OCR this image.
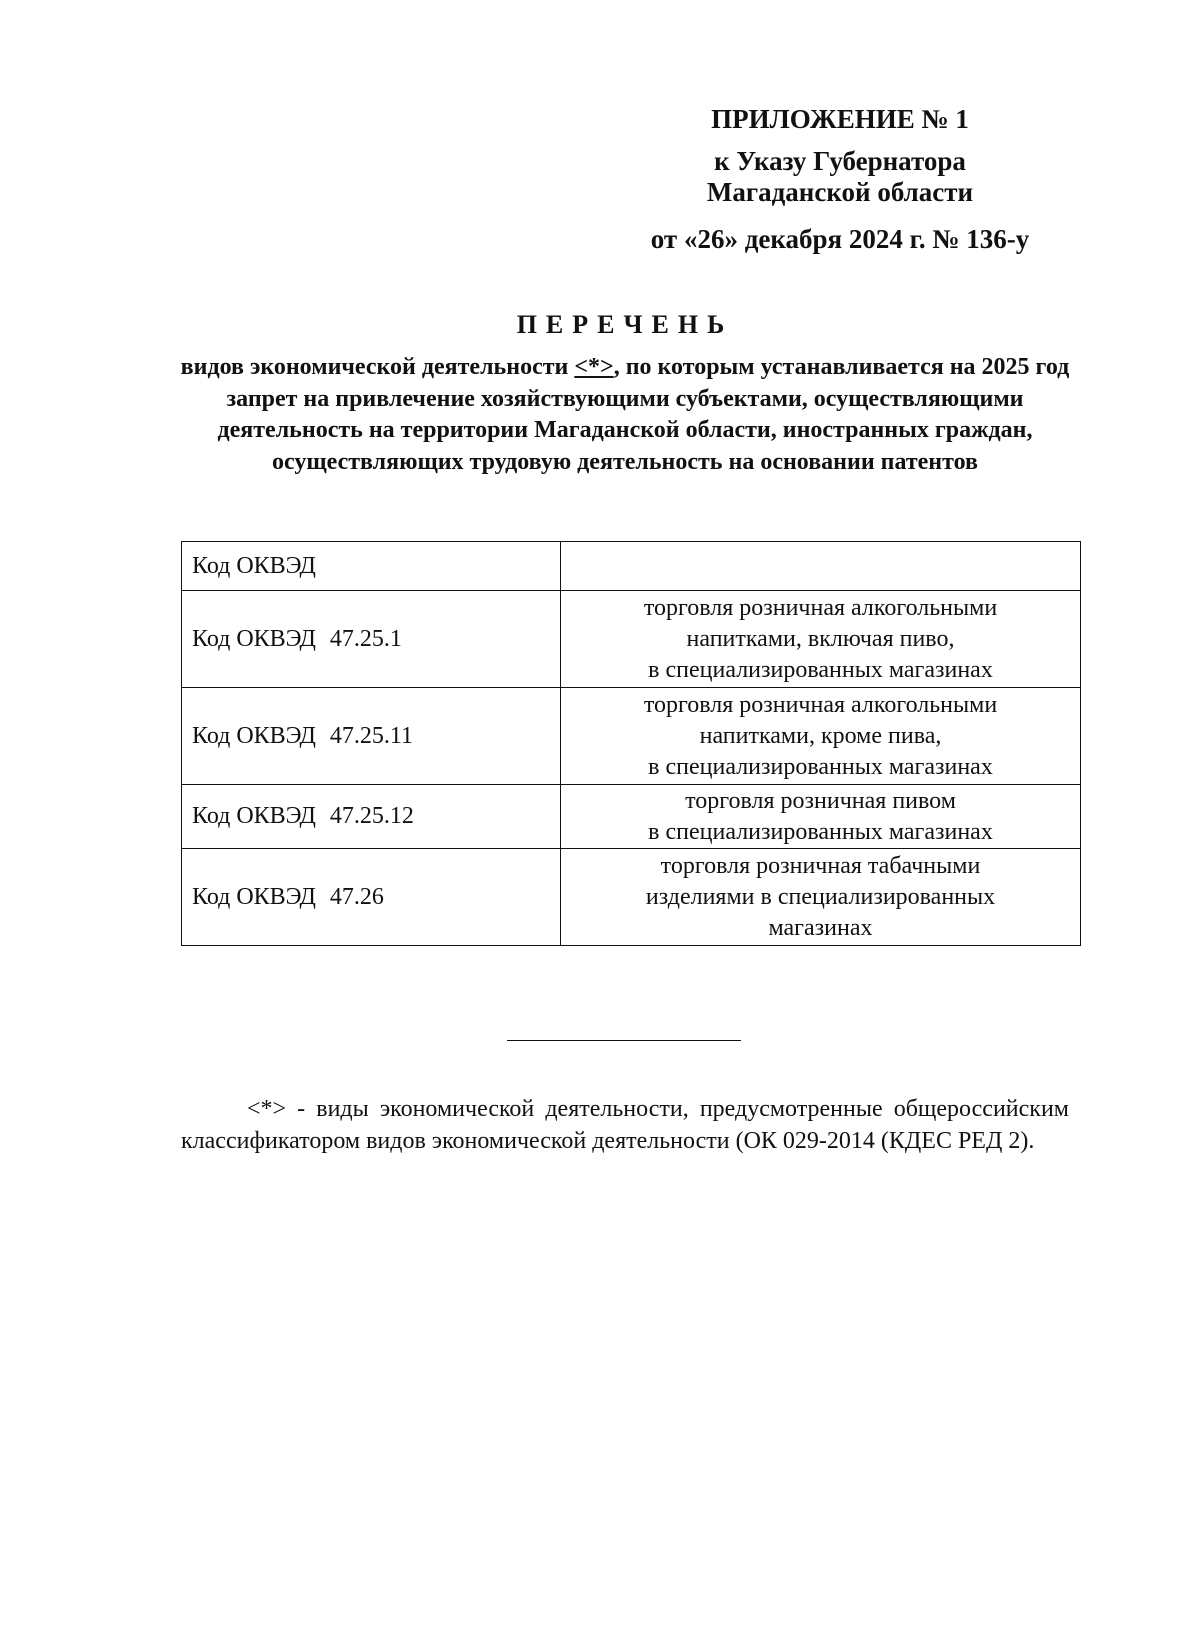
ПРИЛОЖЕНИЕ № 1
к Указу Губернатора
Магаданской области
от «26» декабря 2024 г. № 136-у
ПЕРЕЧЕНЬ
видов экономической деятельности <*>, по которым устанавливается на 2025 год запрет на привлечение хозяйствующими субъектами, осуществляющими деятельность на территории Магаданской области, иностранных граждан, осуществляющих трудовую деятельность на основании патентов
Код ОКВЭД	
Код ОКВЭД 47.25.1	торговля розничная алкогольными
напитками, включая пиво,
в специализированных магазинах

Код ОКВЭД 47.25.11	торговля розничная алкогольными
напитками, кроме пива,
в специализированных магазинах

Код ОКВЭД 47.25.12	торговля розничная пивом
в специализированных магазинах

Код ОКВЭД 47.26	торговля розничная табачными
изделиями в специализированных
магазинах
<*> - виды экономической деятельности, предусмотренные общероссийским классификатором видов экономической деятельности (ОК 029-2014 (КДЕС РЕД 2).
